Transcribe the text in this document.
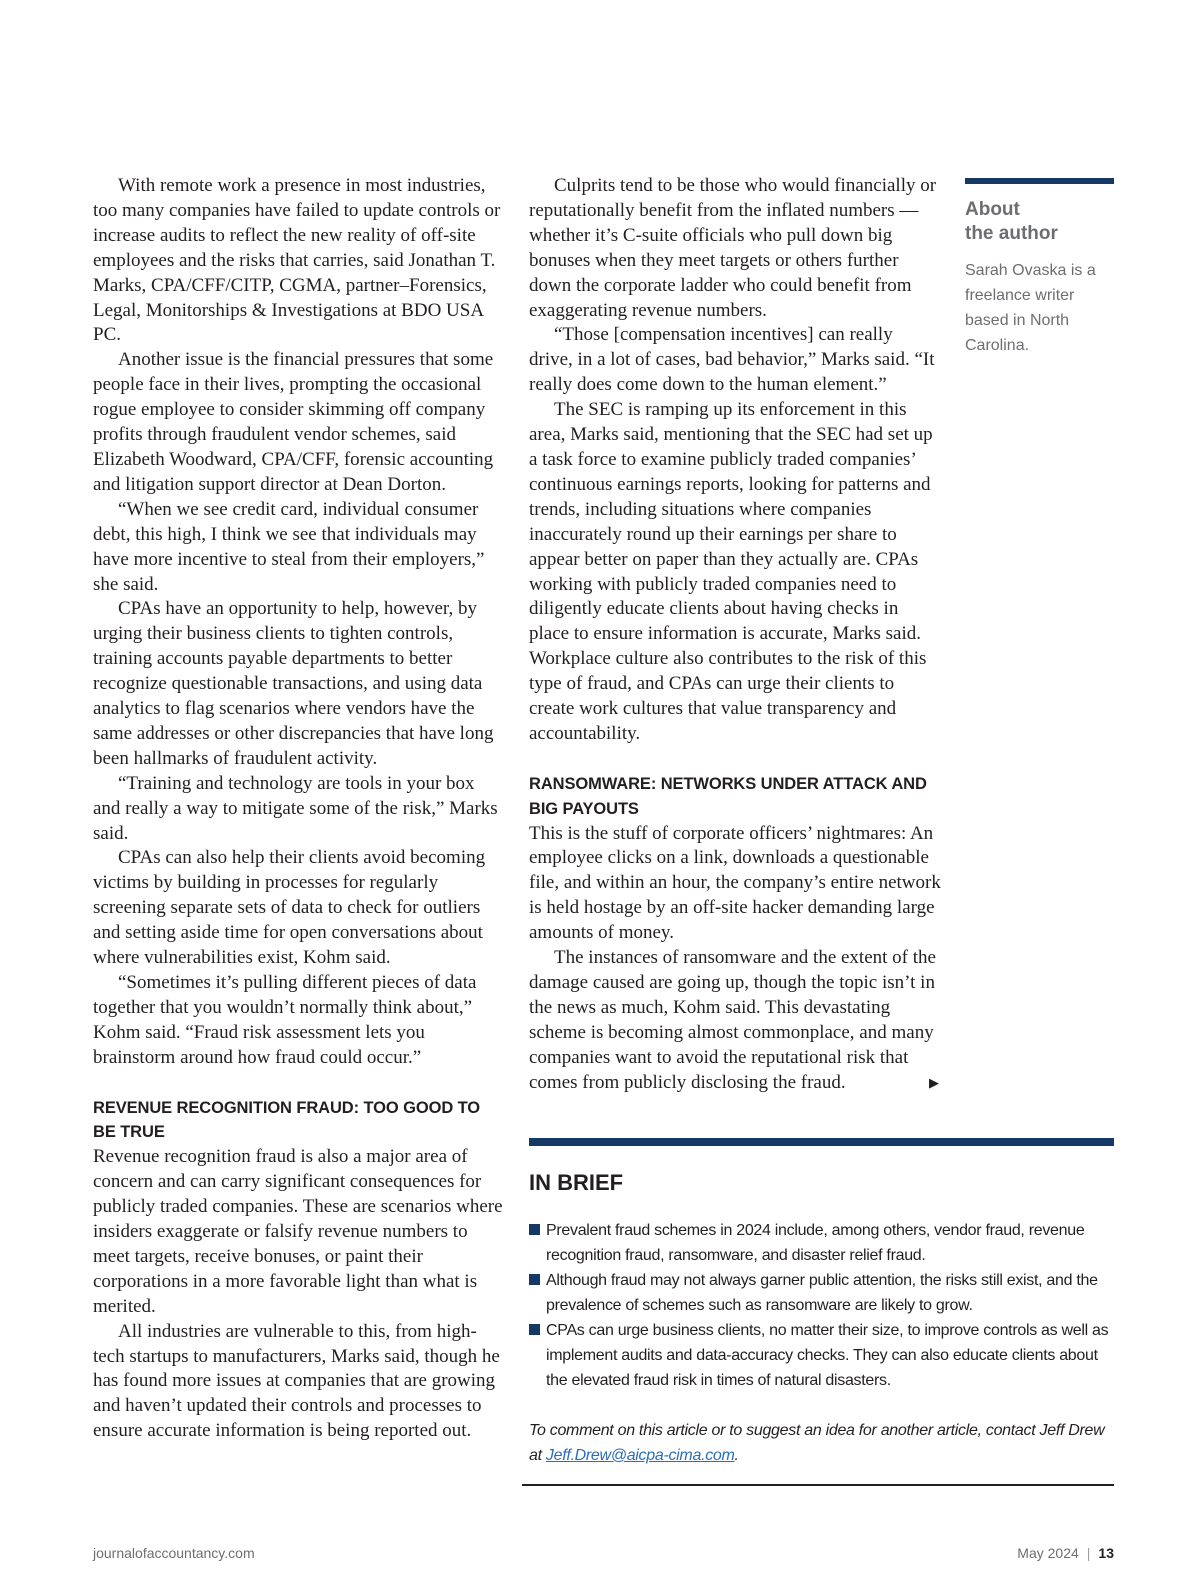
With remote work a presence in most industries, too many companies have failed to update controls or increase audits to reflect the new reality of off-site employees and the risks that carries, said Jonathan T. Marks, CPA/CFF/CITP, CGMA, partner–Forensics, Legal, Monitorships & Investigations at BDO USA PC.

Another issue is the financial pressures that some people face in their lives, prompting the occasional rogue employee to consider skimming off company profits through fraudulent vendor schemes, said Elizabeth Woodward, CPA/CFF, forensic accounting and litigation support director at Dean Dorton.

“When we see credit card, individual consumer debt, this high, I think we see that individuals may have more incentive to steal from their employers,” she said.

CPAs have an opportunity to help, however, by urging their business clients to tighten controls, training accounts payable departments to better recognize questionable transactions, and using data analytics to flag scenarios where vendors have the same addresses or other discrepancies that have long been hallmarks of fraudulent activity.

“Training and technology are tools in your box and really a way to mitigate some of the risk,” Marks said.

CPAs can also help their clients avoid becoming victims by building in processes for regularly screening separate sets of data to check for outliers and setting aside time for open conversations about where vulnerabilities exist, Kohm said.

“Sometimes it’s pulling different pieces of data together that you wouldn’t normally think about,” Kohm said. “Fraud risk assessment lets you brainstorm around how fraud could occur.”

REVENUE RECOGNITION FRAUD: TOO GOOD TO BE TRUE

Revenue recognition fraud is also a major area of concern and can carry significant consequences for publicly traded companies. These are scenarios where insiders exaggerate or falsify revenue numbers to meet targets, receive bonuses, or paint their corporations in a more favorable light than what is merited.

All industries are vulnerable to this, from high-tech startups to manufacturers, Marks said, though he has found more issues at companies that are growing and haven’t updated their controls and processes to ensure accurate information is being reported out.

Culprits tend to be those who would financially or reputationally benefit from the inflated numbers — whether it’s C-suite officials who pull down big bonuses when they meet targets or others further down the corporate ladder who could benefit from exaggerating revenue numbers.

“Those [compensation incentives] can really drive, in a lot of cases, bad behavior,” Marks said. “It really does come down to the human element.”

The SEC is ramping up its enforcement in this area, Marks said, mentioning that the SEC had set up a task force to examine publicly traded companies’ continuous earnings reports, looking for patterns and trends, including situations where companies inaccurately round up their earnings per share to appear better on paper than they actually are. CPAs working with publicly traded companies need to diligently educate clients about having checks in place to ensure information is accurate, Marks said. Workplace culture also contributes to the risk of this type of fraud, and CPAs can urge their clients to create work cultures that value transparency and accountability.

RANSOMWARE: NETWORKS UNDER ATTACK AND BIG PAYOUTS

This is the stuff of corporate officers’ nightmares: An employee clicks on a link, downloads a questionable file, and within an hour, the company’s entire network is held hostage by an off-site hacker demanding large amounts of money.

The instances of ransomware and the extent of the damage caused are going up, though the topic isn’t in the news as much, Kohm said. This devastating scheme is becoming almost commonplace, and many companies want to avoid the reputational risk that comes from publicly disclosing the fraud.	▶

About
the author
Sarah Ovaska is a freelance writer based in North Carolina.
IN BRIEF
Prevalent fraud schemes in 2024 include, among others, vendor fraud, revenue recognition fraud, ransomware, and disaster relief fraud.
Although fraud may not always garner public attention, the risks still exist, and the prevalence of schemes such as ransomware are likely to grow.
CPAs can urge business clients, no matter their size, to improve controls as well as implement audits and data-accuracy checks. They can also educate clients about the elevated fraud risk in times of natural disasters.
To comment on this article or to suggest an idea for another article, contact Jeff Drew at Jeff.Drew@aicpa-cima.com.
journalofaccountancy.com	May 2024 | 13
